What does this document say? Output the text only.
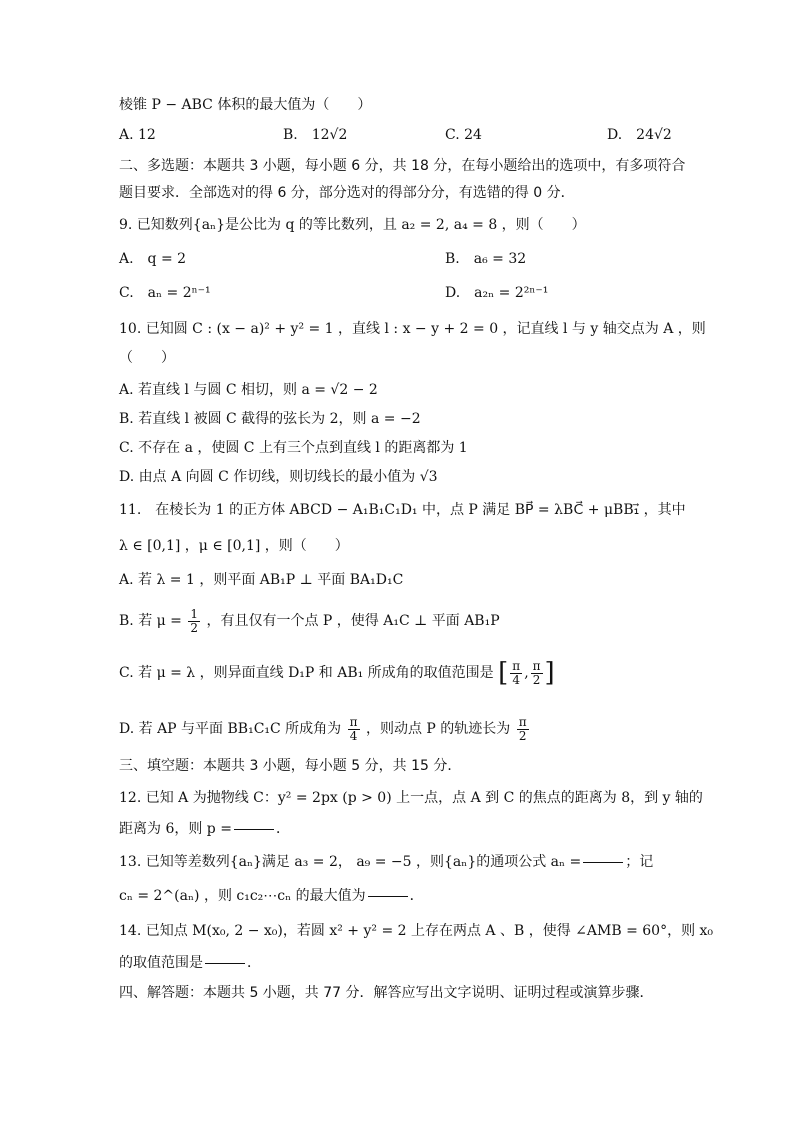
棱锥 P − ABC 体积的最大值为（　　）
A. 12	B.　12√2	C. 24	D.　24√2
二、多选题：本题共 3 小题，每小题 6 分，共 18 分，在每小题给出的选项中，有多项符合
题目要求．全部选对的得 6 分，部分选对的得部分分，有选错的得 0 分．
9. 已知数列{aₙ}是公比为 q 的等比数列，且 a₂ = 2, a₄ = 8 ，则（　　）
A.　q = 2	B.　a₆ = 32
C.　aₙ = 2ⁿ⁻¹	D.　a₂ₙ = 2²ⁿ⁻¹
10. 已知圆 C : (x − a)² + y² = 1 ，直线 l : x − y + 2 = 0 ，记直线 l 与 y 轴交点为 A ，则
（　　）
A. 若直线 l 与圆 C 相切，则 a = √2 − 2
B. 若直线 l 被圆 C 截得的弦长为 2，则 a = −2
C. 不存在 a ，使圆 C 上有三个点到直线 l 的距离都为 1
D. 由点 A 向圆 C 作切线，则切线长的最小值为 √3
11.　在棱长为 1 的正方体 ABCD − A₁B₁C₁D₁ 中，点 P 满足 BP⃗ = λBC⃗ + μBB₁⃗ ，其中
λ ∈ [0,1] ，μ ∈ [0,1] ，则（　　）
A. 若 λ = 1 ，则平面 AB₁P ⊥ 平面 BA₁D₁C
B. 若 $\mu = \frac{1}{2}$ ，有且仅有一个点 P ，使得 A₁C ⊥ 平面 AB₁P
C. 若 μ = λ ，则异面直线 D₁P 和 AB₁ 所成角的取值范围是 [ $\frac{\pi}{4}$ , $\frac{\pi}{2}$ ]
D. 若 AP 与平面 BB₁C₁C 所成角为 $\frac{\pi}{4}$ ，则动点 P 的轨迹长为 $\frac{\pi}{2}$
三、填空题：本题共 3 小题，每小题 5 分，共 15 分．
12. 已知 A 为抛物线 C：y² = 2px (p > 0) 上一点，点 A 到 C 的焦点的距离为 8，到 y 轴的
距离为 6，则 p =	．
13. 已知等差数列{aₙ}满足 a₃ = 2， a₉ = −5 ，则{aₙ}的通项公式 aₙ =	；记
cₙ = 2^(aₙ) ，则 c₁c₂⋯cₙ 的最大值为	．
14. 已知点 M(x₀, 2 − x₀)，若圆 x² + y² = 2 上存在两点 A 、B ，使得 ∠AMB = 60°，则 x₀
的取值范围是	．
四、解答题：本题共 5 小题，共 77 分．解答应写出文字说明、证明过程或演算步骤．
